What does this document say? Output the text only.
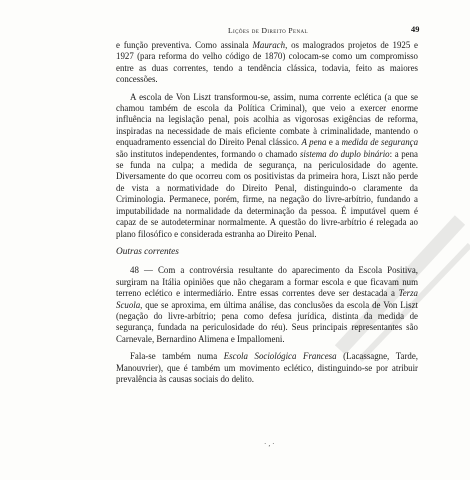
Lições de Direito Penal	49

e função preventiva. Como assinala Maurach, os malogrados projetos de 1925 e 1927 (para reforma do velho código de 1870) colocam-se como um compromisso entre as duas correntes, tendo a tendência clássica, todavia, feito as maiores concessões.

A escola de Von Liszt transformou-se, assim, numa corrente eclética (a que se chamou também de escola da Política Criminal), que veio a exercer enorme influência na legislação penal, pois acolhia as vigorosas exigências de reforma, inspiradas na necessidade de mais eficiente combate à criminalidade, mantendo o enquadramento essencial do Direito Penal clássico. A pena e a medida de segurança são institutos independentes, formando o chamado sistema do duplo binário: a pena se funda na culpa; a medida de segurança, na periculosidade do agente. Diversamente do que ocorreu com os positivistas da primeira hora, Liszt não perde de vista a normatividade do Direito Penal, distinguindo-o claramente da Criminologia. Permanece, porém, firme, na negação do livre-arbítrio, fundando a imputabilidade na normalidade da determinação da pessoa. É imputável quem é capaz de se autodeterminar normalmente. A questão do livre-arbítrio é relegada ao plano filosófico e considerada estranha ao Direito Penal.

Outras correntes

48 — Com a controvérsia resultante do aparecimento da Escola Positiva, surgiram na Itália opiniões que não chegaram a formar escola e que ficavam num terreno eclético e intermediário. Entre essas correntes deve ser destacada a Terza Scuola, que se aproxima, em última análise, das conclusões da escola de Von Liszt (negação do livre-arbítrio; pena como defesa jurídica, distinta da medida de segurança, fundada na periculosidade do réu). Seus principais representantes são Carnevale, Bernardino Alimena e Impallomeni.

Fala-se também numa Escola Sociológica Francesa (Lacassagne, Tarde, Manouvrier), que é também um movimento eclético, distinguindo-se por atribuir prevalência às causas sociais do delito.

· ‚ ·
